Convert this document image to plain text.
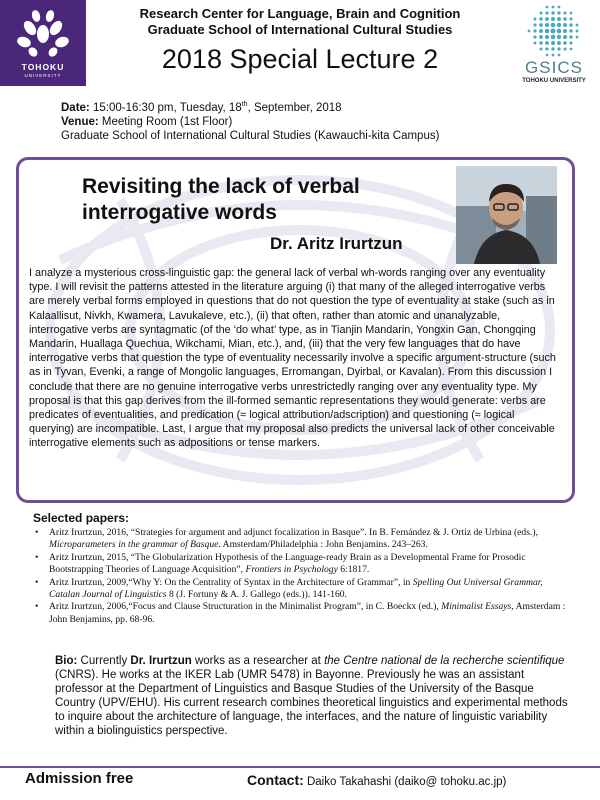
TOHOKU
UNIVERSITY	GSICS
TOHOKU UNIVERSITY
Research Center for Language, Brain and Cognition
Graduate School of International Cultural Studies
2018 Special Lecture 2
Date: 15:00-16:30 pm, Tuesday, 18th, September, 2018
Venue: Meeting Room (1st Floor)
Graduate School of International Cultural Studies (Kawauchi-kita Campus)
Revisiting the lack of verbal interrogative words
Dr. Aritz Irurtzun

I analyze a mysterious cross-linguistic gap: the general lack of verbal wh-words ranging over any eventuality type. I will revisit the patterns attested in the literature arguing (i) that many of the alleged interrogative verbs are merely verbal forms employed in questions that do not question the type of eventuality at stake (such as in Kalaallisut, Nivkh, Kwamera, Lavukaleve, etc.), (ii) that often, rather than atomic and unanalyzable, interrogative verbs are syntagmatic (of the ‘do what’ type, as in Tianjin Mandarin, Yongxin Gan, Chongqing Mandarin, Huallaga Quechua, Wikchami, Mian, etc.), and, (iii) that the very few languages that do have interrogative verbs that question the type of eventuality necessarily involve a specific argument-structure (such as in Tyvan, Evenki, a range of Mongolic languages, Erromangan, Dyirbal, or Kavalan). From this discussion I conclude that there are no genuine interrogative verbs unrestrictedly ranging over any eventuality type. My proposal is that this gap derives from the ill-formed semantic representations they would generate: verbs are predicates of eventualities, and predication (≈ logical attribution/adscription) and questioning (≈ logical querying) are incompatible. Last, I argue that my proposal also predicts the universal lack of other conceivable interrogative elements such as adpositions or tense markers.

Selected papers:
• Aritz Irurtzun, 2016, “Strategies for argument and adjunct focalization in Basque”. In B. Fernández & J. Ortiz de Urbina (eds.), Microparameters in the grammar of Basque. Amsterdam/Philadelphia : John Benjamins. 243–263.
• Aritz Irurtzun, 2015, “The Globularization Hypothesis of the Language-ready Brain as a Developmental Frame for Prosodic Bootstrapping Theories of Language Acquisition”, Frontiers in Psychology 6:1817.
• Aritz Irurtzun, 2009,“Why Y: On the Centrality of Syntax in the Architecture of Grammar”, in Spelling Out Universal Grammar, Catalan Journal of Linguistics 8 (J. Fortuny & A. J. Gallego (eds.)). 141-160.
• Aritz Irurtzun, 2006,“Focus and Clause Structuration in the Minimalist Program”, in C. Boeckx (ed.), Minimalist Essays, Amsterdam : John Benjamins, pp. 68-96.

Bio: Currently Dr. Irurtzun works as a researcher at the Centre national de la recherche scientifique (CNRS). He works at the IKER Lab (UMR 5478) in Bayonne. Previously he was an assistant professor at the Department of Linguistics and Basque Studies of the University of the Basque Country (UPV/EHU). His current research combines theoretical linguistics and experimental methods to inquire about the architecture of language, the interfaces, and the nature of linguistic variability within a biolinguistics perspective.

Admission free	Contact: Daiko Takahashi (daiko@ tohoku.ac.jp)
